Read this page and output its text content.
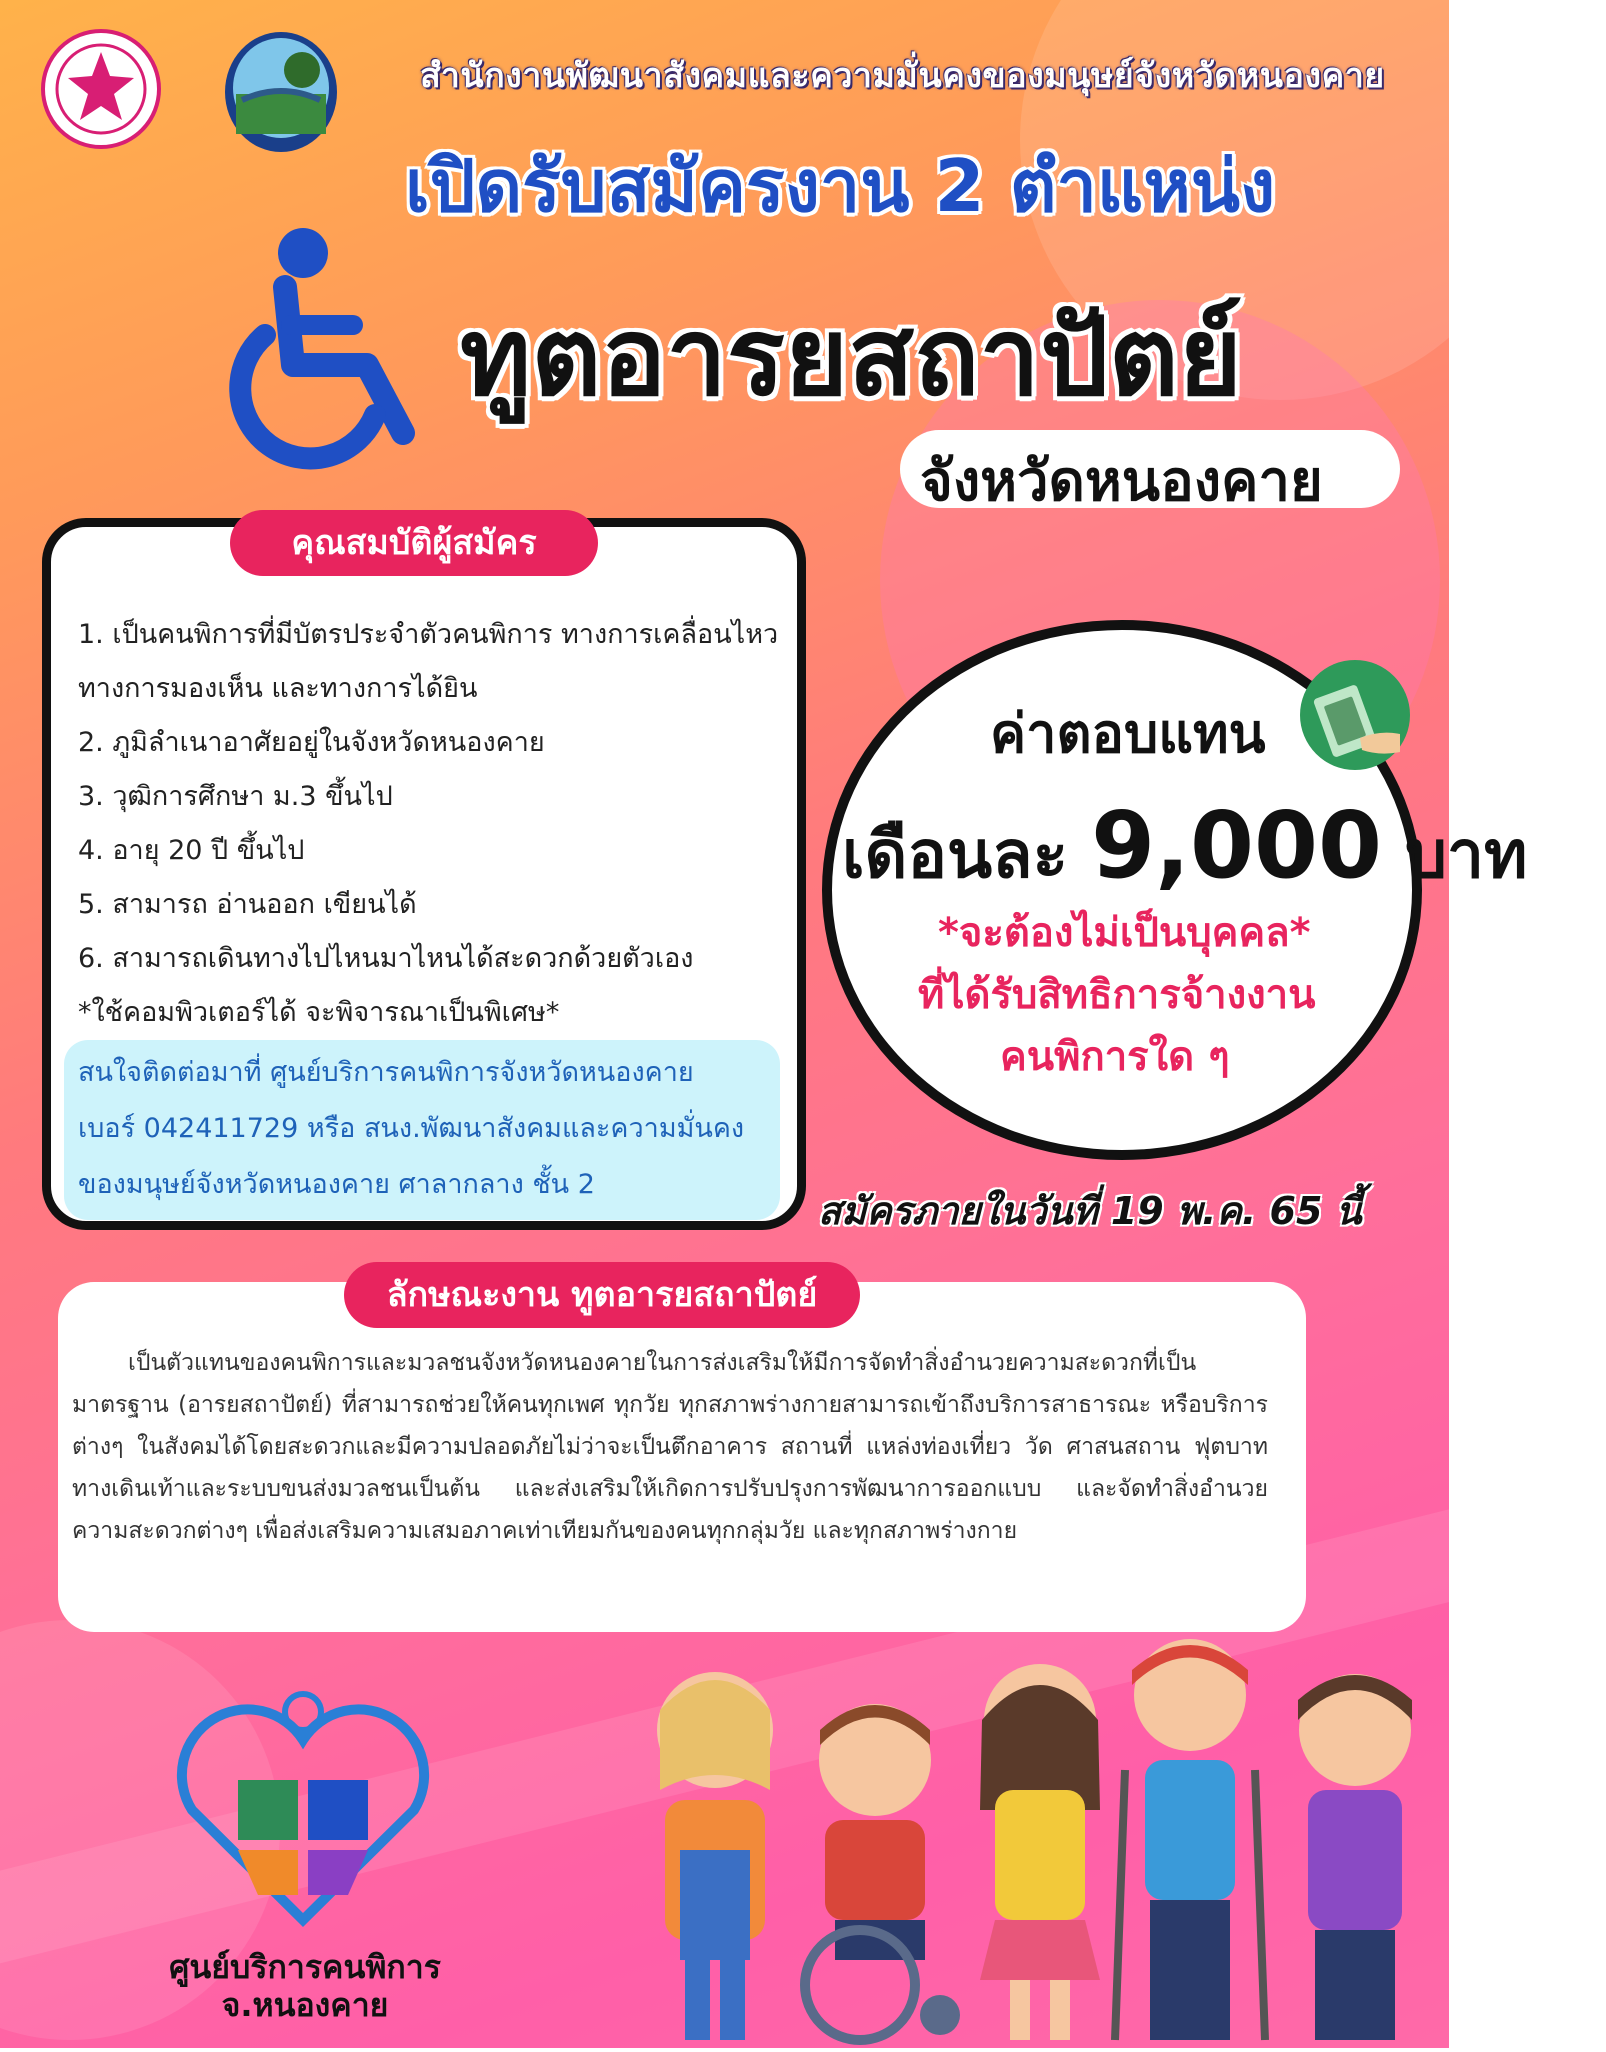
สำนักงานพัฒนาสังคมและความมั่นคงของมนุษย์จังหวัดหนองคาย
เปิดรับสมัครงาน 2 ตำแหน่ง
ทูตอารยสถาปัตย์
จังหวัดหนองคาย
คุณสมบัติผู้สมัคร
1. เป็นคนพิการที่มีบัตรประจำตัวคนพิการ ทางการเคลื่อนไหว
ทางการมองเห็น และทางการได้ยิน
2. ภูมิลำเนาอาศัยอยู่ในจังหวัดหนองคาย
3. วุฒิการศึกษา ม.3 ขึ้นไป
4. อายุ 20 ปี ขึ้นไป
5. สามารถ อ่านออก เขียนได้
6. สามารถเดินทางไปไหนมาไหนได้สะดวกด้วยตัวเอง
*ใช้คอมพิวเตอร์ได้ จะพิจารณาเป็นพิเศษ*
สนใจติดต่อมาที่ ศูนย์บริการคนพิการจังหวัดหนองคาย
เบอร์ 042411729 หรือ สนง.พัฒนาสังคมและความมั่นคง
ของมนุษย์จังหวัดหนองคาย ศาลากลาง ชั้น 2
ค่าตอบแทน
เดือนละ 9,000 บาท
*จะต้องไม่เป็นบุคคล*
ที่ได้รับสิทธิการจ้างงาน
คนพิการใด ๆ
สมัครภายในวันที่ 19 พ.ค. 65 นี้
ลักษณะงาน ทูตอารยสถาปัตย์
เป็นตัวแทนของคนพิการและมวลชนจังหวัดหนองคายในการส่งเสริมให้มีการจัดทำสิ่งอำนวยความสะดวกที่เป็นมาตรฐาน (อารยสถาปัตย์) ที่สามารถช่วยให้คนทุกเพศ ทุกวัย ทุกสภาพร่างกายสามารถเข้าถึงบริการสาธารณะ หรือบริการต่างๆ ในสังคมได้โดยสะดวกและมีความปลอดภัยไม่ว่าจะเป็นตึกอาคาร สถานที่ แหล่งท่องเที่ยว วัด ศาสนสถาน ฟุตบาททางเดินเท้าและระบบขนส่งมวลชนเป็นต้น และส่งเสริมให้เกิดการปรับปรุงการพัฒนาการออกแบบ และจัดทำสิ่งอำนวยความสะดวกต่างๆ เพื่อส่งเสริมความเสมอภาคเท่าเทียมกันของคนทุกกลุ่มวัย และทุกสภาพร่างกาย
ศูนย์บริการคนพิการ
จ.หนองคาย
